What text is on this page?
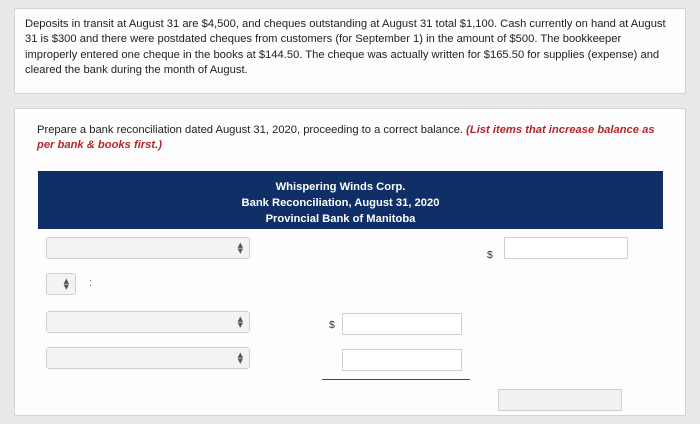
Deposits in transit at August 31 are $4,500, and cheques outstanding at August 31 total $1,100. Cash currently on hand at August 31 is $300 and there were postdated cheques from customers (for September 1) in the amount of $500. The bookkeeper improperly entered one cheque in the books at $144.50. The cheque was actually written for $165.50 for supplies (expense) and cleared the bank during the month of August.
Prepare a bank reconciliation dated August 31, 2020, proceeding to a correct balance. (List items that increase balance as per bank & books first.)
Whispering Winds Corp.
Bank Reconciliation, August 31, 2020
Provincial Bank of Manitoba
▲
▼	$
▲
▼ :
▲
▼	$
▲
▼
